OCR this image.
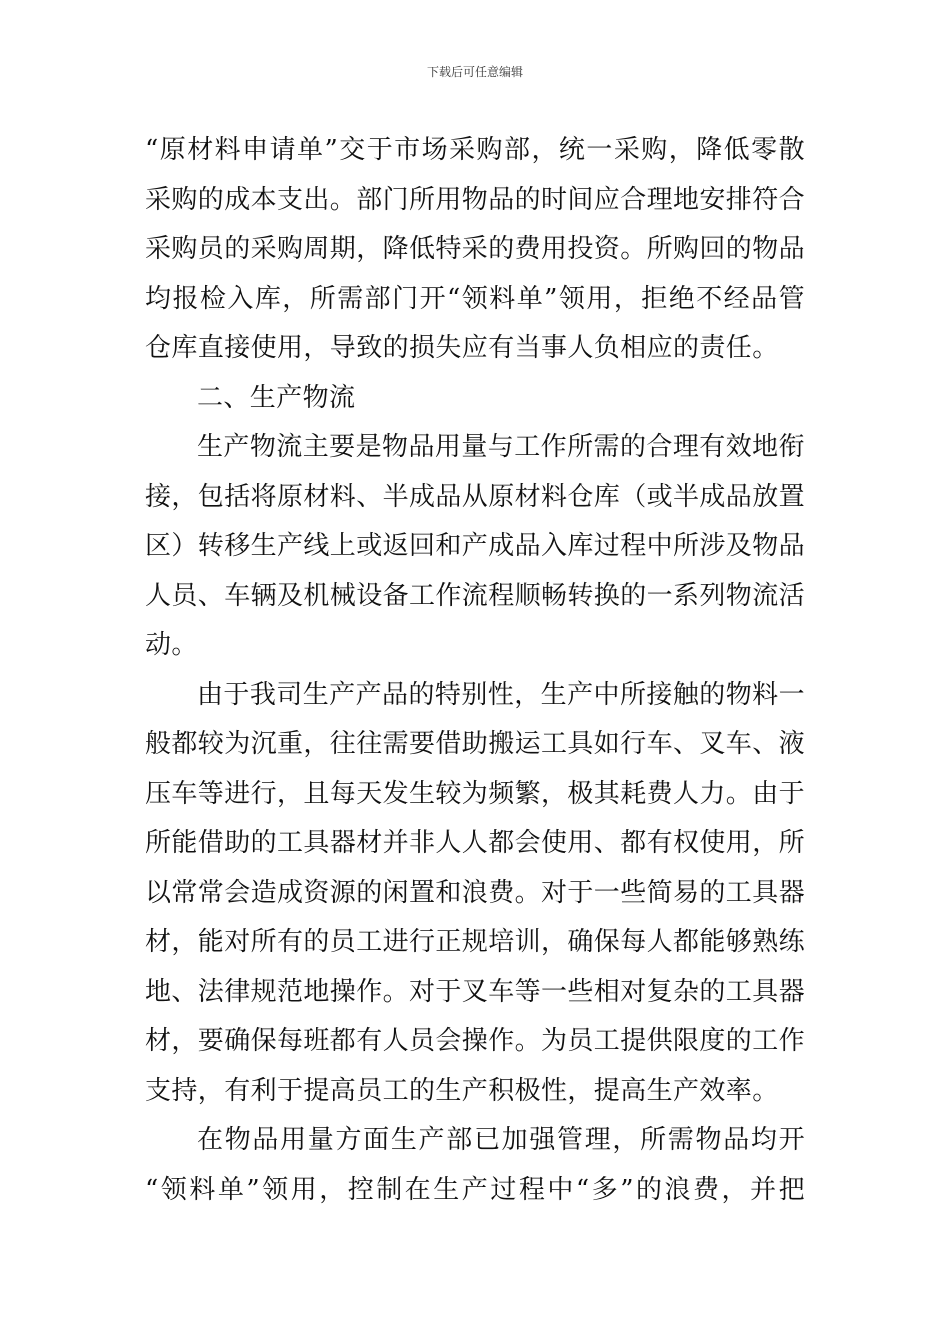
下载后可任意编辑

“原材料申请单”交于市场采购部，统一采购，降低零散

采购的成本支出。部门所用物品的时间应合理地安排符合

采购员的采购周期，降低特采的费用投资。所购回的物品

均报检入库，所需部门开“领料单”领用，拒绝不经品管

仓库直接使用，导致的损失应有当事人负相应的责任。

二、生产物流

生产物流主要是物品用量与工作所需的合理有效地衔

接，包括将原材料、半成品从原材料仓库（或半成品放置

区）转移生产线上或返回和产成品入库过程中所涉及物品

人员、车辆及机械设备工作流程顺畅转换的一系列物流活

动。

由于我司生产产品的特别性，生产中所接触的物料一

般都较为沉重，往往需要借助搬运工具如行车、叉车、液

压车等进行，且每天发生较为频繁，极其耗费人力。由于

所能借助的工具器材并非人人都会使用、都有权使用，所

以常常会造成资源的闲置和浪费。对于一些简易的工具器

材，能对所有的员工进行正规培训，确保每人都能够熟练

地、法律规范地操作。对于叉车等一些相对复杂的工具器

材，要确保每班都有人员会操作。为员工提供限度的工作

支持，有利于提高员工的生产积极性，提高生产效率。

在物品用量方面生产部已加强管理，所需物品均开

“领料单”领用，控制在生产过程中“多”的浪费，并把
